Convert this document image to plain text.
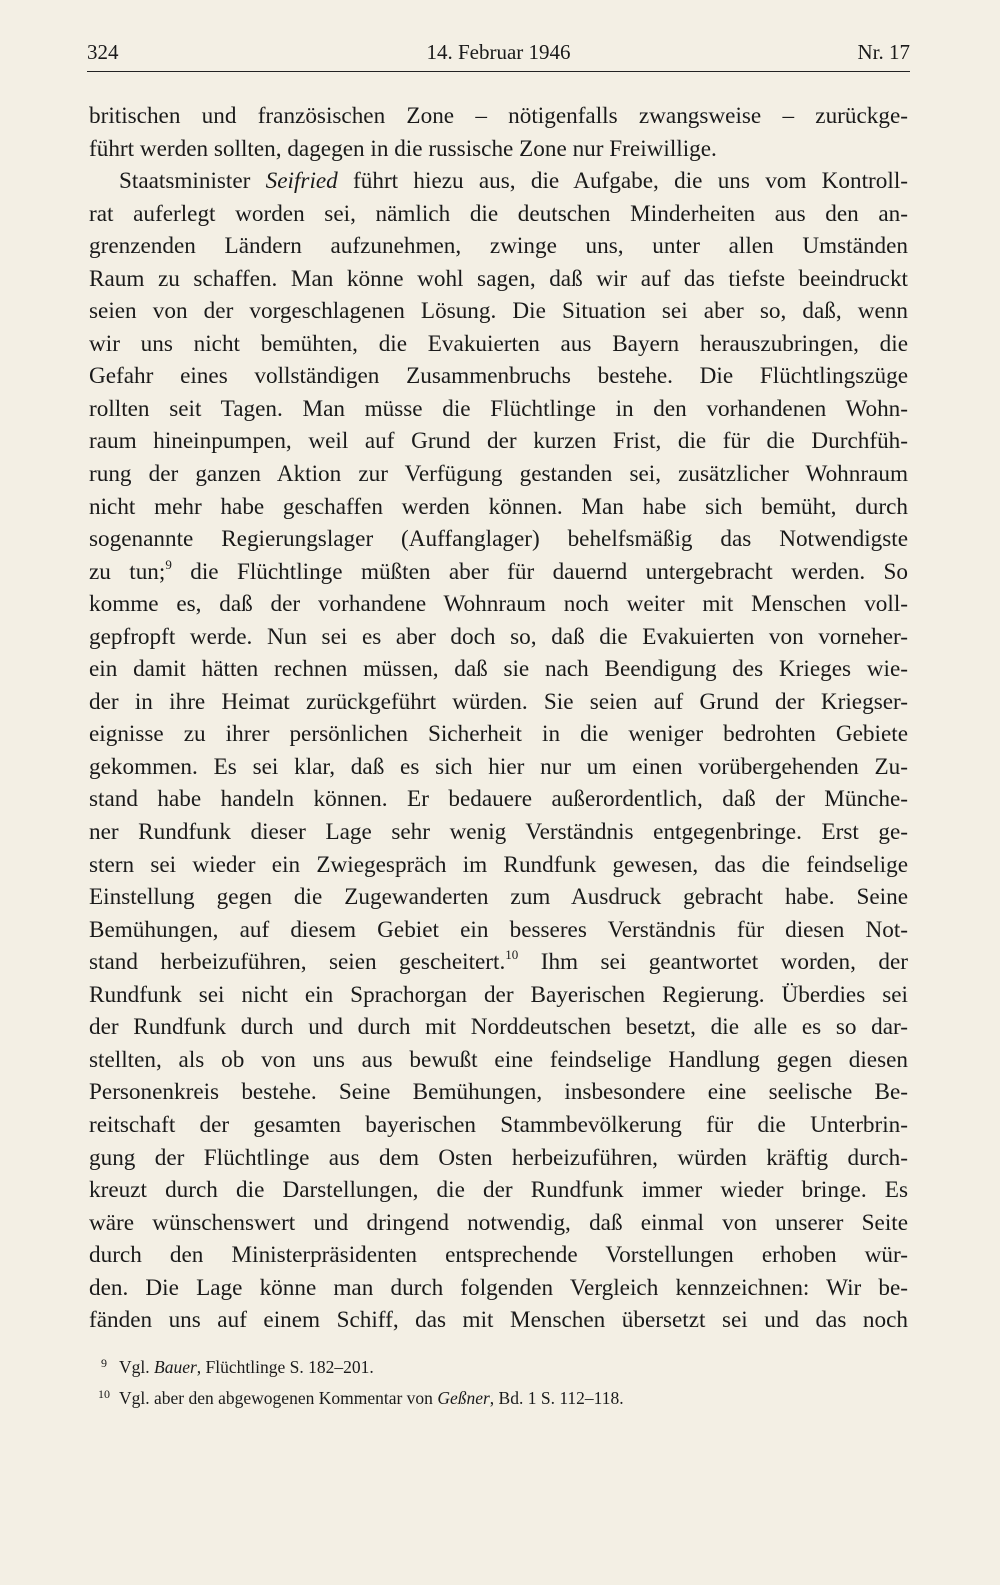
324	14. Februar 1946	Nr. 17
britischen und französischen Zone – nötigenfalls zwangsweise – zurückge-
führt werden sollten, dagegen in die russische Zone nur Freiwillige.
Staatsminister Seifried führt hiezu aus, die Aufgabe, die uns vom Kontroll-
rat auferlegt worden sei, nämlich die deutschen Minderheiten aus den an-
grenzenden Ländern aufzunehmen, zwinge uns, unter allen Umständen
Raum zu schaffen. Man könne wohl sagen, daß wir auf das tiefste beeindruckt
seien von der vorgeschlagenen Lösung. Die Situation sei aber so, daß, wenn
wir uns nicht bemühten, die Evakuierten aus Bayern herauszubringen, die
Gefahr eines vollständigen Zusammenbruchs bestehe. Die Flüchtlingszüge
rollten seit Tagen. Man müsse die Flüchtlinge in den vorhandenen Wohn-
raum hineinpumpen, weil auf Grund der kurzen Frist, die für die Durchfüh-
rung der ganzen Aktion zur Verfügung gestanden sei, zusätzlicher Wohnraum
nicht mehr habe geschaffen werden können. Man habe sich bemüht, durch
sogenannte Regierungslager (Auffanglager) behelfsmäßig das Notwendigste
zu tun;$^9$ die Flüchtlinge müßten aber für dauernd untergebracht werden. So
komme es, daß der vorhandene Wohnraum noch weiter mit Menschen voll-
gepfropft werde. Nun sei es aber doch so, daß die Evakuierten von vorneher-
ein damit hätten rechnen müssen, daß sie nach Beendigung des Krieges wie-
der in ihre Heimat zurückgeführt würden. Sie seien auf Grund der Kriegser-
eignisse zu ihrer persönlichen Sicherheit in die weniger bedrohten Gebiete
gekommen. Es sei klar, daß es sich hier nur um einen vorübergehenden Zu-
stand habe handeln können. Er bedauere außerordentlich, daß der Münche-
ner Rundfunk dieser Lage sehr wenig Verständnis entgegenbringe. Erst ge-
stern sei wieder ein Zwiegespräch im Rundfunk gewesen, das die feindselige
Einstellung gegen die Zugewanderten zum Ausdruck gebracht habe. Seine
Bemühungen, auf diesem Gebiet ein besseres Verständnis für diesen Not-
stand herbeizuführen, seien gescheitert.$^{10}$ Ihm sei geantwortet worden, der
Rundfunk sei nicht ein Sprachorgan der Bayerischen Regierung. Überdies sei
der Rundfunk durch und durch mit Norddeutschen besetzt, die alle es so dar-
stellten, als ob von uns aus bewußt eine feindselige Handlung gegen diesen
Personenkreis bestehe. Seine Bemühungen, insbesondere eine seelische Be-
reitschaft der gesamten bayerischen Stammbevölkerung für die Unterbrin-
gung der Flüchtlinge aus dem Osten herbeizuführen, würden kräftig durch-
kreuzt durch die Darstellungen, die der Rundfunk immer wieder bringe. Es
wäre wünschenswert und dringend notwendig, daß einmal von unserer Seite
durch den Ministerpräsidenten entsprechende Vorstellungen erhoben wür-
den. Die Lage könne man durch folgenden Vergleich kennzeichnen: Wir be-
fänden uns auf einem Schiff, das mit Menschen übersetzt sei und das noch
9 Vgl. Bauer, Flüchtlinge S. 182–201.
10 Vgl. aber den abgewogenen Kommentar von Geßner, Bd. 1 S. 112–118.
